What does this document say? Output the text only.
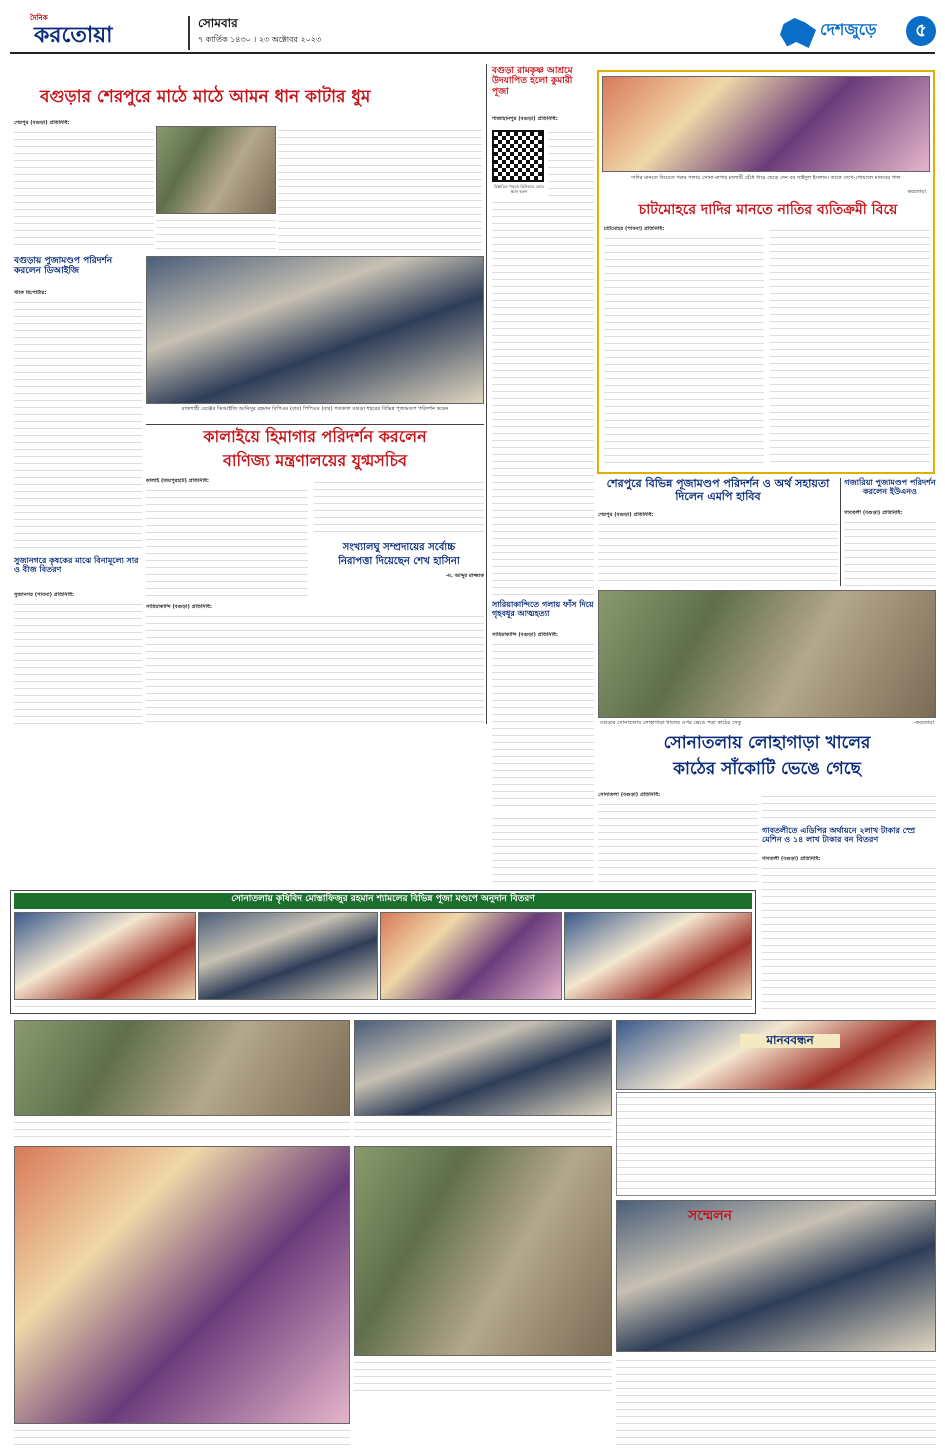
দৈনিক
করতোয়া	সোমবার
৭ কার্তিক ১৪৩০ । ২৩ অক্টোবর ২০২৩
দেশজুড়ে	৫
বগুড়ার শেরপুরে মাঠে মাঠে আমন ধান কাটার ধুম
শেরপুর (বগুড়া) প্রতিনিধি:
বগুড়া রামকৃষ্ণ আশ্রমে উদযাপিত হলো কুমারী পূজা
শাজাহানপুর (বগুড়া) প্রতিনিধি:
বিস্তারিত পড়তে কিউআর কোড স্ক্যান করুন
দাদির মানতে বিয়েতে গরুর গলায় সোনা-রুপার মালাটি বেঁধে ধামে ছেড়ে দেন বর সাইদুল ইসলাম। তাকে দেখে-গোয়ালে মানবের পাল
করতোয়া
চাটমোহরে দাদির মানতে নাতির ব্যতিক্রমী বিয়ে
চাটমোহর (পাবনা) প্রতিনিধি:
বগুড়ায় পুজামণ্ডপ পরিদর্শন করলেন ডিআইজি
স্টাফ রিপোর্টার:
রাজশাহী রেঞ্জের ডিআইজি আনিসুর রহমান বিপিএম (বার) পিপিএম (বার) গতকাল বগুড়া শহরের বিভিন্ন পূজামণ্ডপ পরিদর্শন করেন
কালাইয়ে হিমাগার পরিদর্শন করলেন
বাণিজ্য মন্ত্রণালয়ের যুগ্মসচিব
কালাই (জয়পুরহাট) প্রতিনিধি:
সংখ্যালঘু সম্প্রদায়ের সর্বোচ্চ
নিরাপত্তা দিয়েছেন শেখ হাসিনা
-ম. আব্দুর রাজ্জাক
সারিয়াকান্দি (বগুড়া) প্রতিনিধি:
সুজানগরে কৃষকের মাঝে বিনামূল্যে সার ও বীজ বিতরণ
সুজানগর (পাবনা) প্রতিনিধি:
শেরপুরে বিভিন্ন পূজামণ্ডপ পরিদর্শন ও অর্থ সহায়তা দিলেন এমপি হাবিব
শেরপুর (বগুড়া) প্রতিনিধি:
গজারিয়া পুজামণ্ডপ পরিদর্শন করলেন ইউএনও
গাবতলী (বগুড়া) প্রতিনিধি:
সারিয়াকান্দিতে গলায় ফাঁস দিয়ে গৃহবধূর আত্মহত্যা
সারিয়াকান্দি (বগুড়া) প্রতিনিধি:
বগুড়ার সোনাতলায় লোহাগাড়া খালের ওপর ভেঙে পড়া কাঠের সেতু	-করতোয়া
সোনাতলায় লোহাগাড়া খালের
কাঠের সাঁকোটি ভেঙে গেছে
সোনাতলা (বগুড়া) প্রতিনিধি:
গাবতলীতে এডিপির অর্থায়নে ২লাখ টাকার স্প্রে মেশিন ও ১৪ লাখ টাকার বন বিতরণ
গাবতলী (বগুড়া) প্রতিনিধি:
সোনাতলায় কৃষিবিদ মোস্তাফিজুর রহমান শ্যামলের বিভিন্ন পূজা মণ্ডপে অনুদান বিতরণ
মানববন্ধন
সম্মেলন
